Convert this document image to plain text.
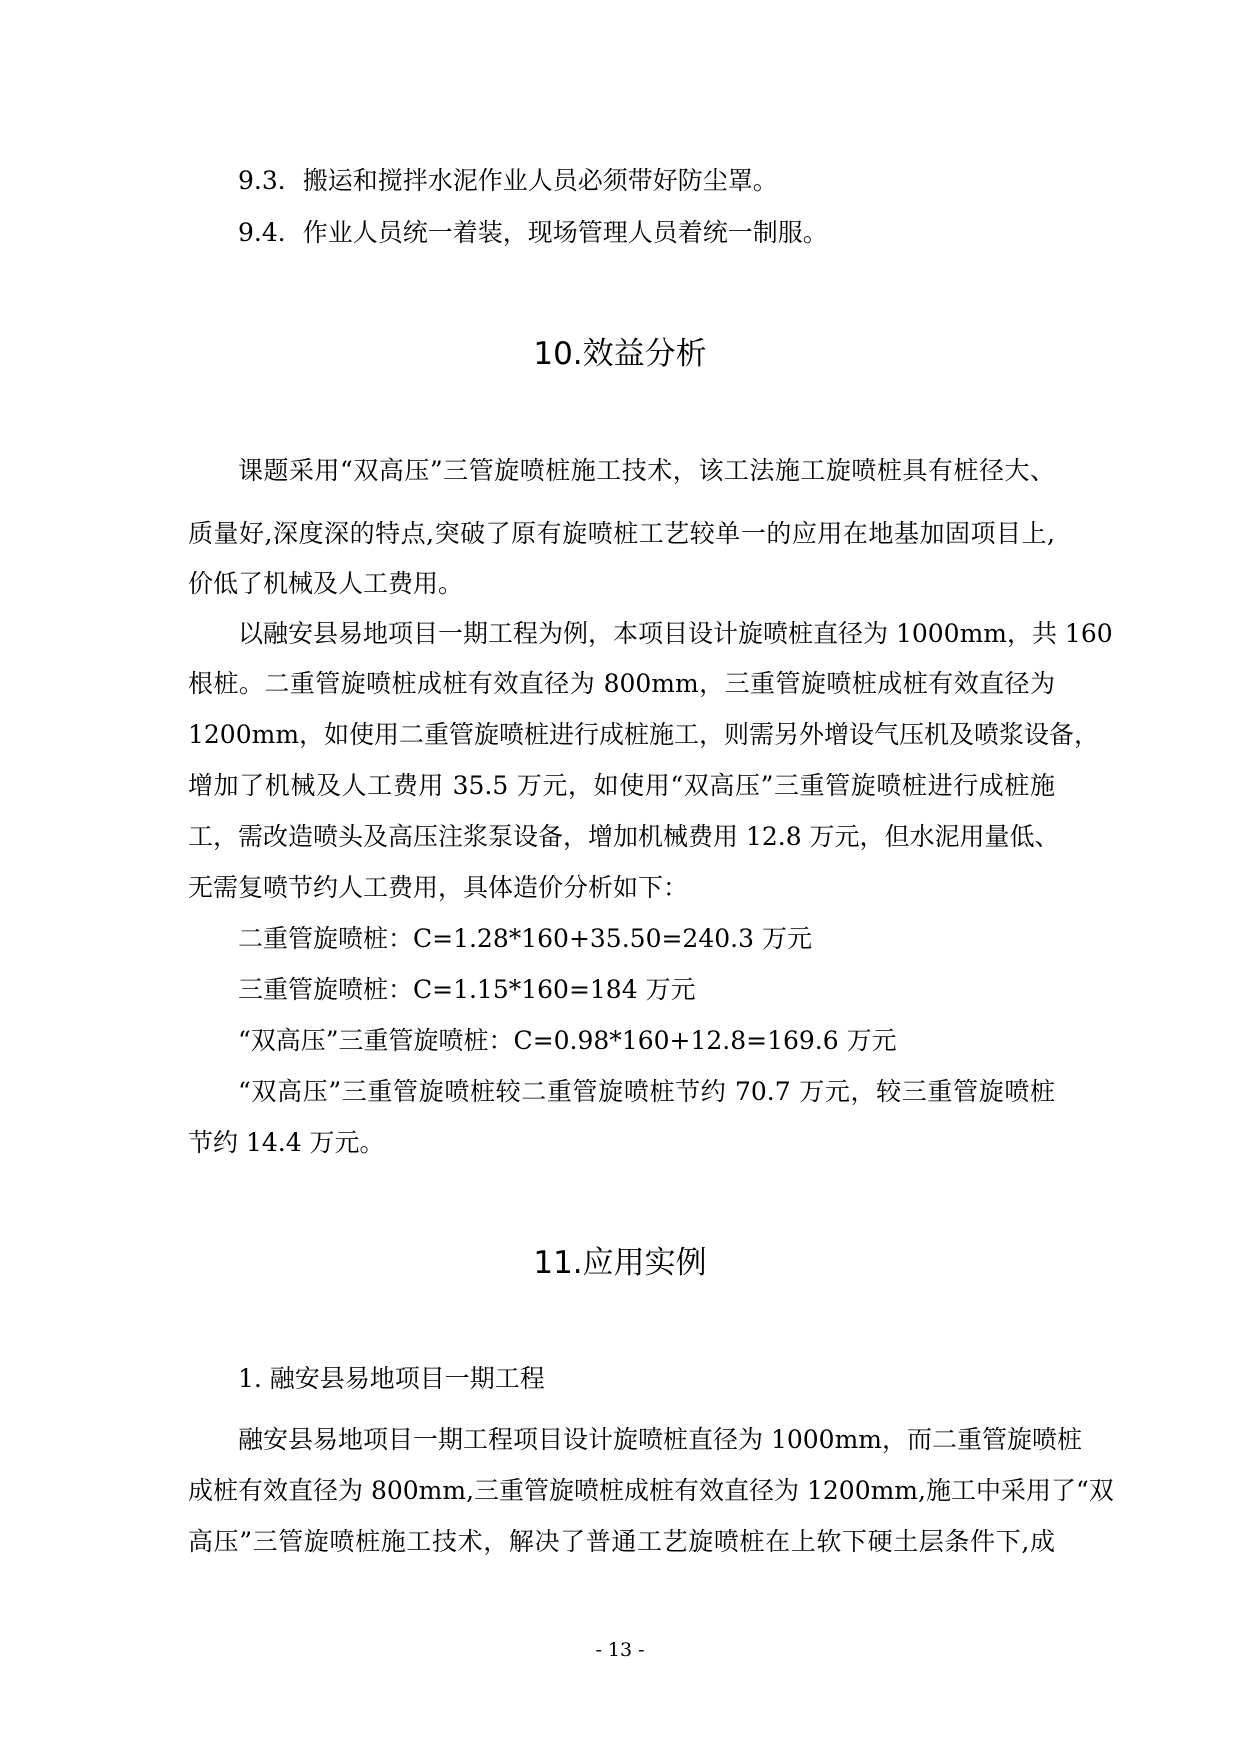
9.3．搬运和搅拌水泥作业人员必须带好防尘罩。
9.4．作业人员统一着装，现场管理人员着统一制服。
10.效益分析
课题采用“双高压”三管旋喷桩施工技术，该工法施工旋喷桩具有桩径大、
质量好,深度深的特点,突破了原有旋喷桩工艺较单一的应用在地基加固项目上,
价低了机械及人工费用。
以融安县易地项目一期工程为例，本项目设计旋喷桩直径为 1000mm，共 160
根桩。二重管旋喷桩成桩有效直径为 800mm，三重管旋喷桩成桩有效直径为
1200mm，如使用二重管旋喷桩进行成桩施工，则需另外增设气压机及喷浆设备，
增加了机械及人工费用 35.5 万元，如使用“双高压”三重管旋喷桩进行成桩施
工，需改造喷头及高压注浆泵设备，增加机械费用 12.8 万元，但水泥用量低、
无需复喷节约人工费用，具体造价分析如下：
二重管旋喷桩：C=1.28*160+35.50=240.3 万元
三重管旋喷桩：C=1.15*160=184 万元
“双高压”三重管旋喷桩：C=0.98*160+12.8=169.6 万元
“双高压”三重管旋喷桩较二重管旋喷桩节约 70.7 万元，较三重管旋喷桩
节约 14.4 万元。
11.应用实例
1. 融安县易地项目一期工程
融安县易地项目一期工程项目设计旋喷桩直径为 1000mm，而二重管旋喷桩
成桩有效直径为 800mm,三重管旋喷桩成桩有效直径为 1200mm,施工中采用了“双
高压”三管旋喷桩施工技术，解决了普通工艺旋喷桩在上软下硬土层条件下,成
- 13 -
